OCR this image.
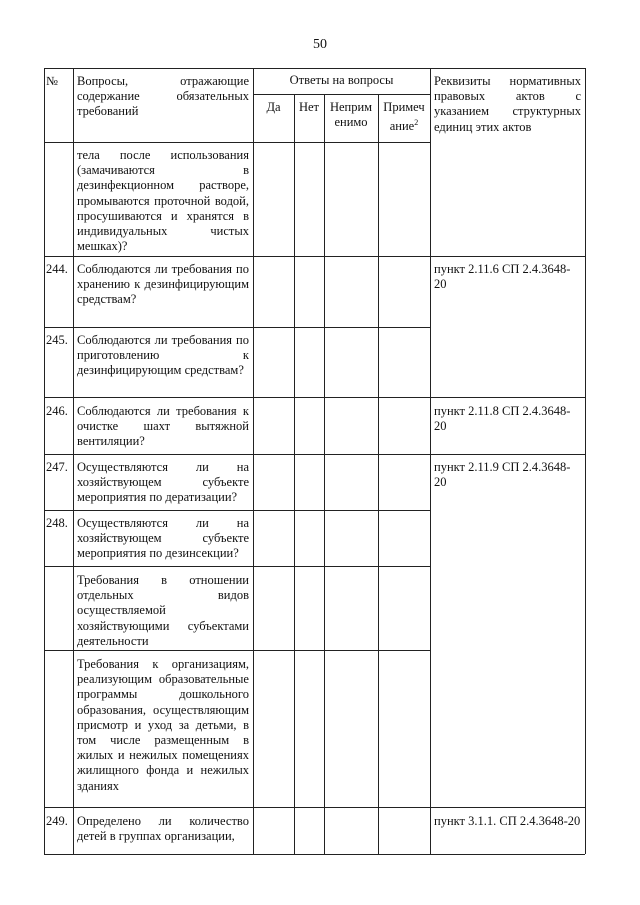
50
№ Вопросы, отражающие содержание обязательных требований
Ответы на вопросы
Да	Нет Неприм енимо
Примеч ание$^2$
Реквизиты нормативных правовых актов с указанием структурных единиц этих актов
тела после использования (замачиваются в дезинфекционном растворе, промываются проточной водой, просушиваются и хранятся в индивидуальных чистых мешках)?
244. Соблюдаются ли требования по хранению к дезинфицирующим средствам?
пункт 2.11.6 СП 2.4.3648-20
245. Соблюдаются ли требования по приготовлению к дезинфицирующим средствам?
246. Соблюдаются ли требования к очистке шахт вытяжной вентиляции?
пункт 2.11.8 СП 2.4.3648-20
247. Осуществляются ли на хозяйствующем субъекте мероприятия по дератизации?
пункт 2.11.9 СП 2.4.3648-20
248. Осуществляются ли на хозяйствующем субъекте мероприятия по дезинсекции?
Требования в отношении отдельных видов осуществляемой хозяйствующими субъектами деятельности
Требования к организациям, реализующим образовательные программы дошкольного образования, осуществляющим присмотр и уход за детьми, в том числе размещенным в жилых и нежилых помещениях жилищного фонда и нежилых зданиях
249. Определено ли количество детей в группах организации,
пункт 3.1.1. СП 2.4.3648-20
